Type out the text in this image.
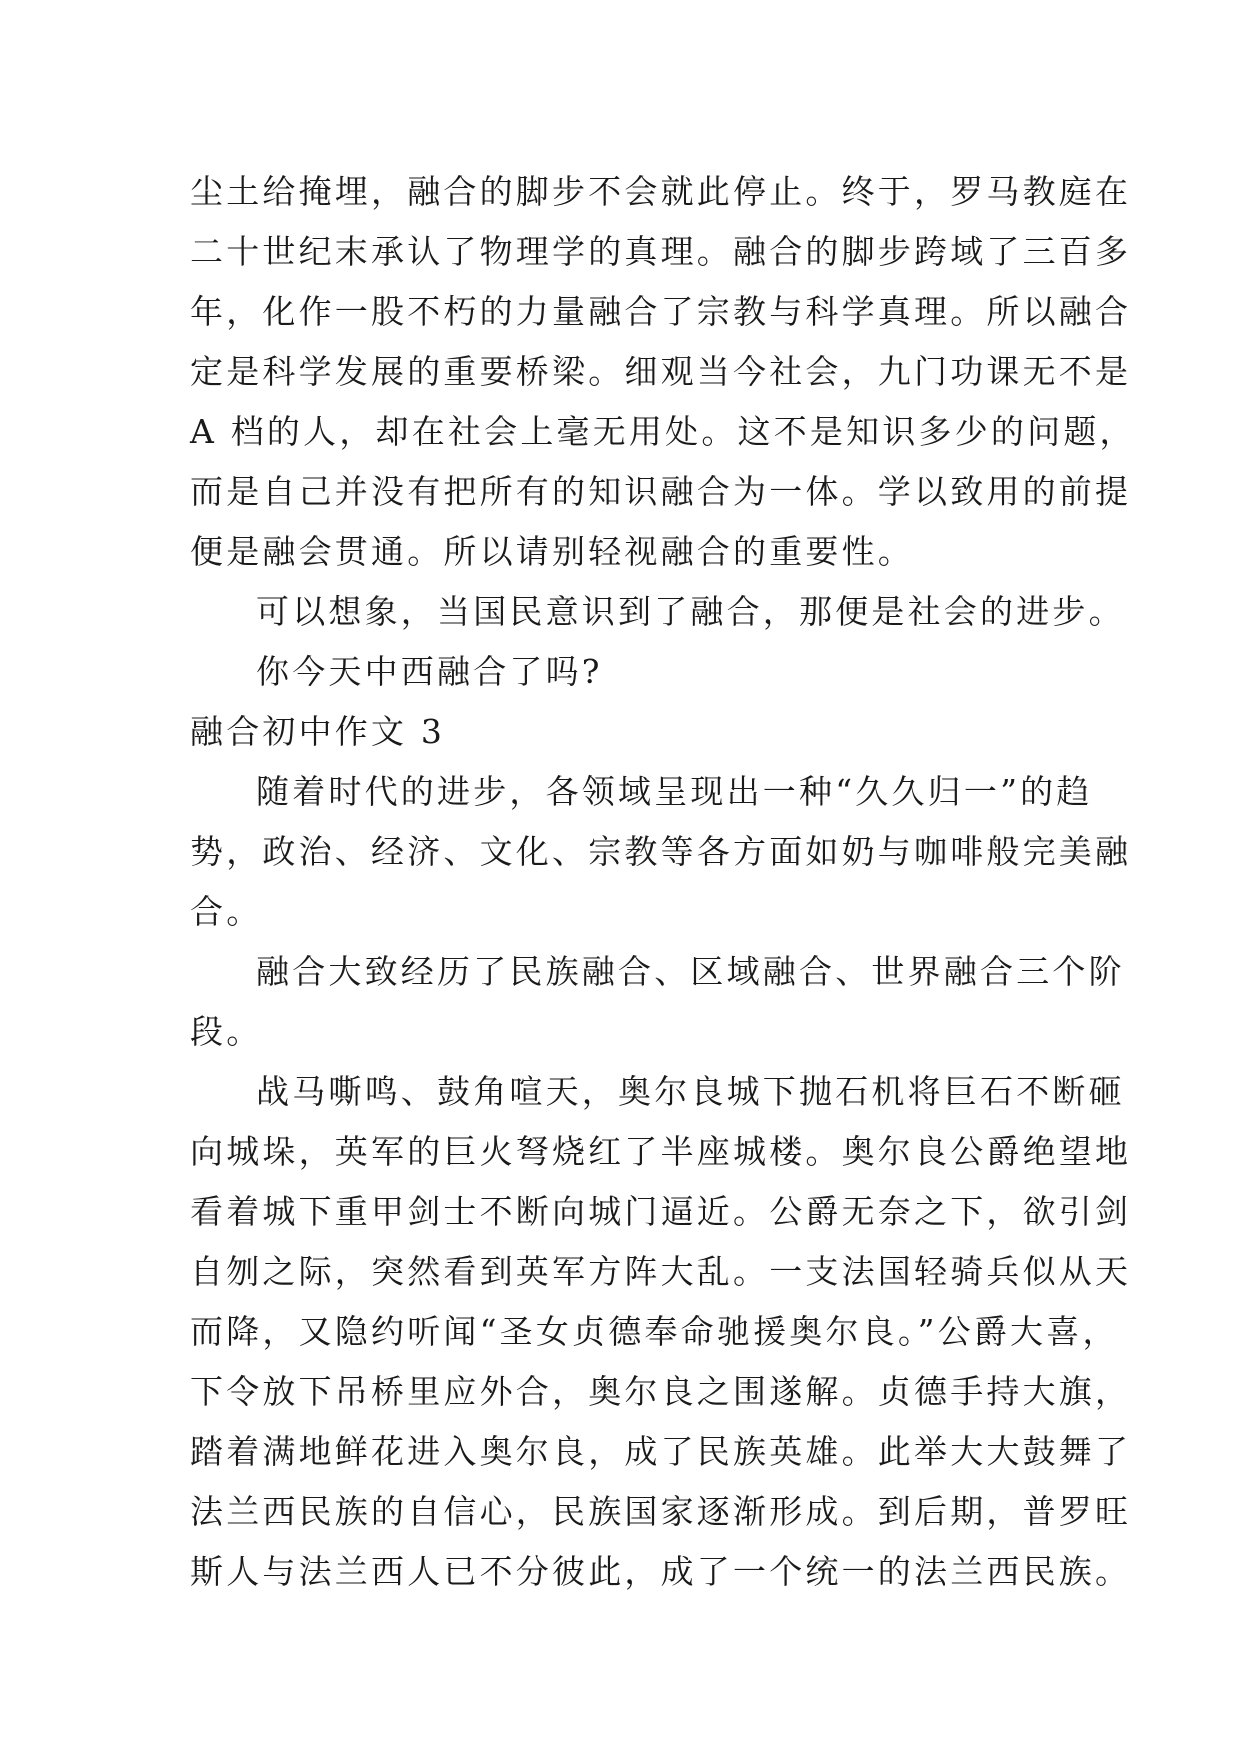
尘土给掩埋，融合的脚步不会就此停止。终于，罗马教庭在
二十世纪末承认了物理学的真理。融合的脚步跨域了三百多
年，化作一股不朽的力量融合了宗教与科学真理。所以融合
定是科学发展的重要桥梁。细观当今社会，九门功课无不是
A 档的人，却在社会上毫无用处。这不是知识多少的问题，
而是自己并没有把所有的知识融合为一体。学以致用的前提
便是融会贯通。所以请别轻视融合的重要性。
可以想象，当国民意识到了融合，那便是社会的进步。
你今天中西融合了吗?
融合初中作文 3
随着时代的进步，各领域呈现出一种“久久归一”的趋
势，政治、经济、文化、宗教等各方面如奶与咖啡般完美融
合。
融合大致经历了民族融合、区域融合、世界融合三个阶
段。
战马嘶鸣、鼓角喧天，奥尔良城下抛石机将巨石不断砸
向城垛，英军的巨火弩烧红了半座城楼。奥尔良公爵绝望地
看着城下重甲剑士不断向城门逼近。公爵无奈之下，欲引剑
自刎之际，突然看到英军方阵大乱。一支法国轻骑兵似从天
而降，又隐约听闻“圣女贞德奉命驰援奥尔良。”公爵大喜，
下令放下吊桥里应外合，奥尔良之围遂解。贞德手持大旗，
踏着满地鲜花进入奥尔良，成了民族英雄。此举大大鼓舞了
法兰西民族的自信心，民族国家逐渐形成。到后期，普罗旺
斯人与法兰西人已不分彼此，成了一个统一的法兰西民族。
